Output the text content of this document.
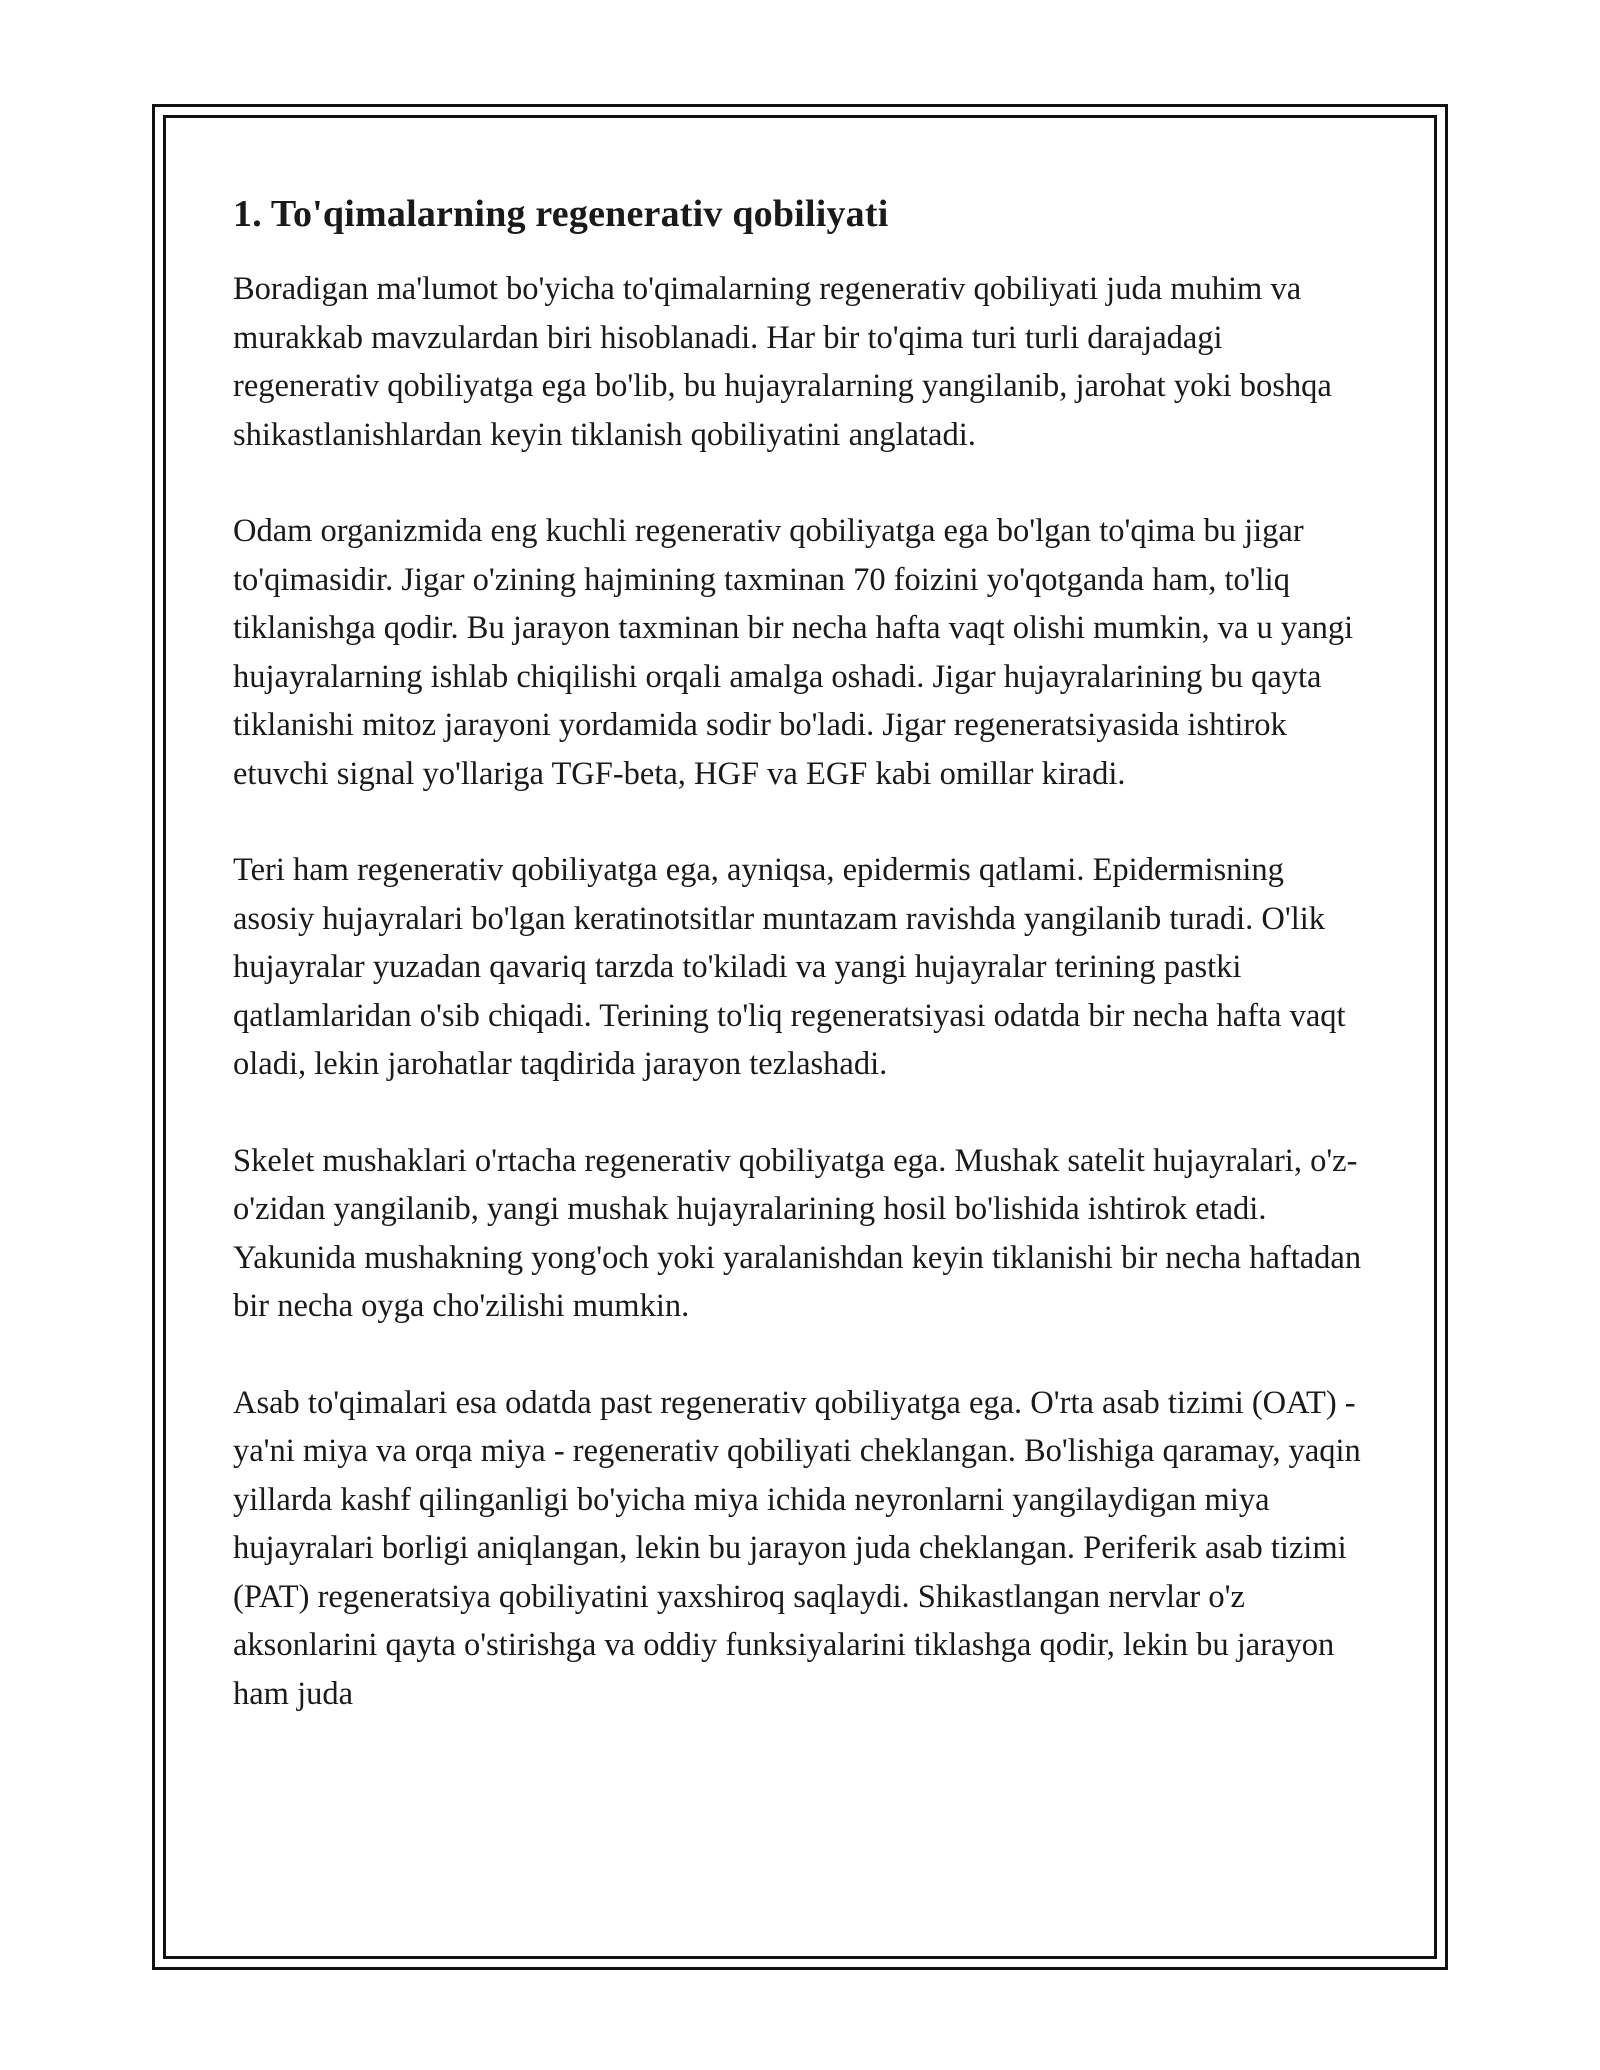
1. To'qimalarning regenerativ qobiliyati

Boradigan ma'lumot bo'yicha to'qimalarning regenerativ qobiliyati juda muhim va murakkab mavzulardan biri hisoblanadi. Har bir to'qima turi turli darajadagi regenerativ qobiliyatga ega bo'lib, bu hujayralarning yangilanib, jarohat yoki boshqa shikastlanishlardan keyin tiklanish qobiliyatini anglatadi.

Odam organizmida eng kuchli regenerativ qobiliyatga ega bo'lgan to'qima bu jigar to'qimasidir. Jigar o'zining hajmining taxminan 70 foizini yo'qotganda ham, to'liq tiklanishga qodir. Bu jarayon taxminan bir necha hafta vaqt olishi mumkin, va u yangi hujayralarning ishlab chiqilishi orqali amalga oshadi. Jigar hujayralarining bu qayta tiklanishi mitoz jarayoni yordamida sodir bo'ladi. Jigar regeneratsiyasida ishtirok etuvchi signal yo'llariga TGF-beta, HGF va EGF kabi omillar kiradi.

Teri ham regenerativ qobiliyatga ega, ayniqsa, epidermis qatlami. Epidermisning asosiy hujayralari bo'lgan keratinotsitlar muntazam ravishda yangilanib turadi. O'lik hujayralar yuzadan qavariq tarzda to'kiladi va yangi hujayralar terining pastki qatlamlaridan o'sib chiqadi. Terining to'liq regeneratsiyasi odatda bir necha hafta vaqt oladi, lekin jarohatlar taqdirida jarayon tezlashadi.

Skelet mushaklari o'rtacha regenerativ qobiliyatga ega. Mushak satelit hujayralari, o'z-o'zidan yangilanib, yangi mushak hujayralarining hosil bo'lishida ishtirok etadi. Yakunida mushakning yong'och yoki yaralanishdan keyin tiklanishi bir necha haftadan bir necha oyga cho'zilishi mumkin.

Asab to'qimalari esa odatda past regenerativ qobiliyatga ega. O'rta asab tizimi (OAT) - ya'ni miya va orqa miya - regenerativ qobiliyati cheklangan. Bo'lishiga qaramay, yaqin yillarda kashf qilinganligi bo'yicha miya ichida neyronlarni yangilaydigan miya hujayralari borligi aniqlangan, lekin bu jarayon juda cheklangan. Periferik asab tizimi (PAT) regeneratsiya qobiliyatini yaxshiroq saqlaydi. Shikastlangan nervlar o'z aksonlarini qayta o'stirishga va oddiy funksiyalarini tiklashga qodir, lekin bu jarayon ham juda
